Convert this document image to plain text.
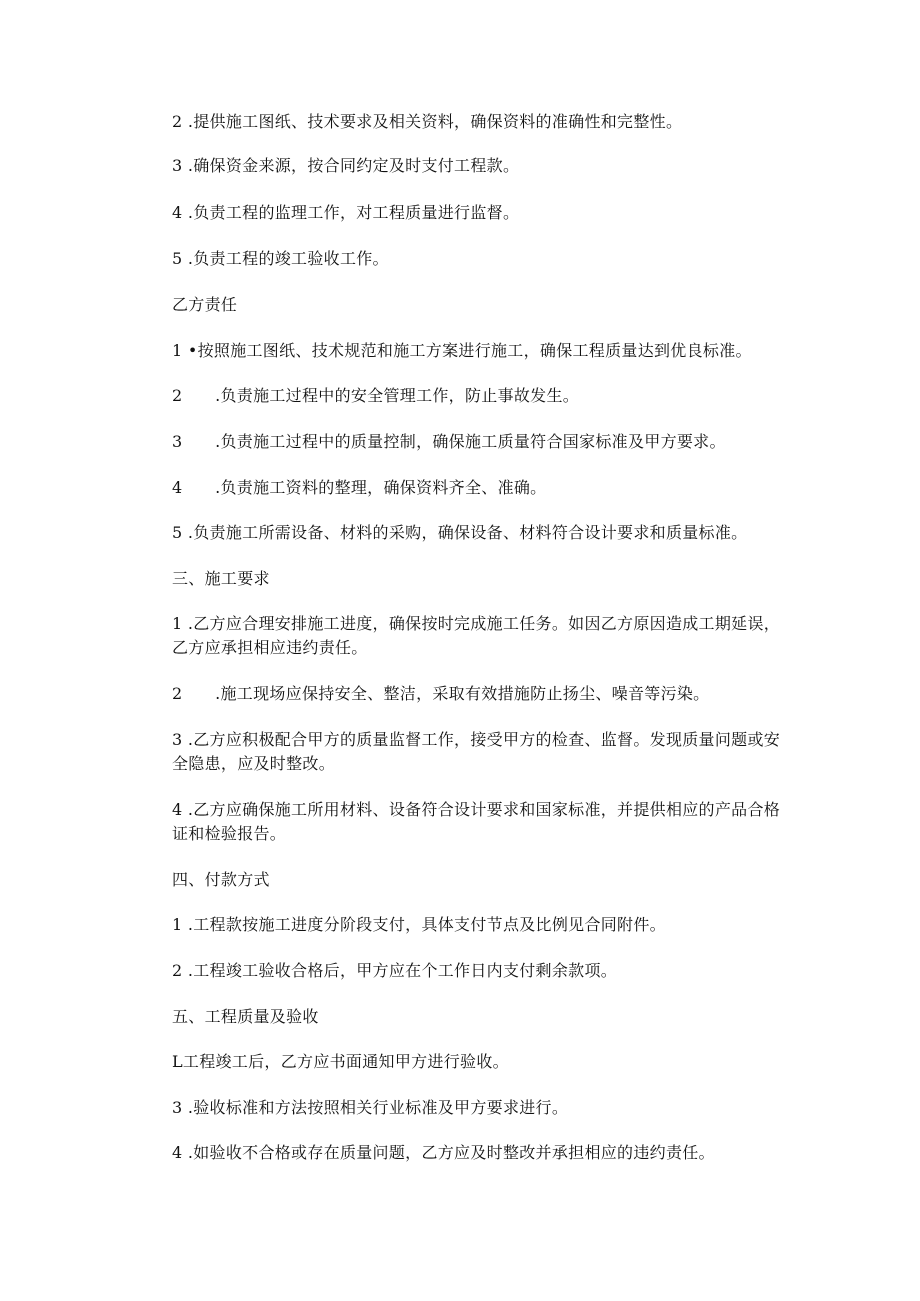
2 .提供施工图纸、技术要求及相关资料，确保资料的准确性和完整性。

3 .确保资金来源，按合同约定及时支付工程款。

4 .负责工程的监理工作，对工程质量进行监督。

5 .负责工程的竣工验收工作。

乙方责任

1 •按照施工图纸、技术规范和施工方案进行施工，确保工程质量达到优良标准。

2　　.负责施工过程中的安全管理工作，防止事故发生。

3　　.负责施工过程中的质量控制，确保施工质量符合国家标准及甲方要求。

4　　.负责施工资料的整理，确保资料齐全、准确。

5 .负责施工所需设备、材料的采购，确保设备、材料符合设计要求和质量标准。

三、施工要求

1 .乙方应合理安排施工进度，确保按时完成施工任务。如因乙方原因造成工期延误，乙方应承担相应违约责任。

2　　.施工现场应保持安全、整洁，采取有效措施防止扬尘、噪音等污染。

3 .乙方应积极配合甲方的质量监督工作，接受甲方的检查、监督。发现质量问题或安全隐患，应及时整改。

4 .乙方应确保施工所用材料、设备符合设计要求和国家标准，并提供相应的产品合格证和检验报告。

四、付款方式

1 .工程款按施工进度分阶段支付，具体支付节点及比例见合同附件。

2 .工程竣工验收合格后，甲方应在个工作日内支付剩余款项。

五、工程质量及验收

L工程竣工后，乙方应书面通知甲方进行验收。

3 .验收标准和方法按照相关行业标准及甲方要求进行。

4 .如验收不合格或存在质量问题，乙方应及时整改并承担相应的违约责任。
